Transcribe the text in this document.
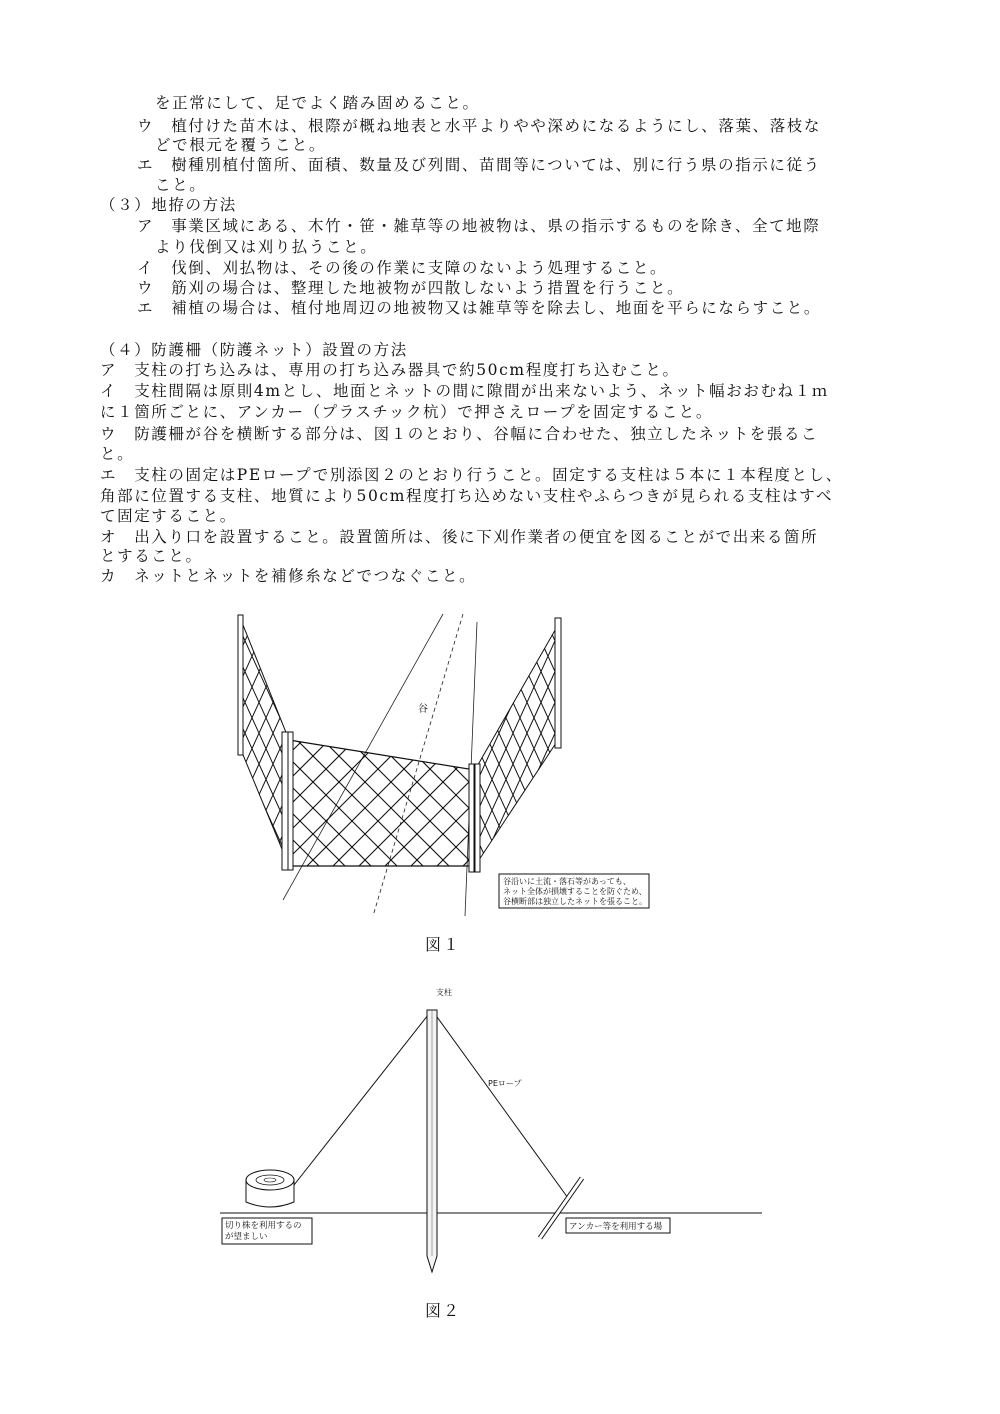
を正常にして、足でよく踏み固めること。
ウ　植付けた苗木は、根際が概ね地表と水平よりやや深めになるようにし、落葉、落枝な
どで根元を覆うこと。
エ　樹種別植付箇所、面積、数量及び列間、苗間等については、別に行う県の指示に従う
こと。
（３）地拵の方法
ア　事業区域にある、木竹・笹・雑草等の地被物は、県の指示するものを除き、全て地際
より伐倒又は刈り払うこと。
イ　伐倒、刈払物は、その後の作業に支障のないよう処理すること。
ウ　筋刈の場合は、整理した地被物が四散しないよう措置を行うこと。
エ　補植の場合は、植付地周辺の地被物又は雑草等を除去し、地面を平らにならすこと。
（４）防護柵（防護ネット）設置の方法
ア　支柱の打ち込みは、専用の打ち込み器具で約50cm程度打ち込むこと。
イ　支柱間隔は原則4mとし、地面とネットの間に隙間が出来ないよう、ネット幅おおむね１ｍ
に１箇所ごとに、アンカー（プラスチック杭）で押さえロープを固定すること。
ウ　防護柵が谷を横断する部分は、図１のとおり、谷幅に合わせた、独立したネットを張るこ
と。
エ　支柱の固定はPEロープで別添図２のとおり行うこと。固定する支柱は５本に１本程度とし、
角部に位置する支柱、地質により50cm程度打ち込めない支柱やふらつきが見られる支柱はすべ
て固定すること。
オ　出入り口を設置すること。設置箇所は、後に下刈作業者の便宜を図ることがで出来る箇所
とすること。
カ　ネットとネットを補修糸などでつなぐこと。
谷
谷沿いに土流・落石等があっても、
ネット全体が損壊することを防ぐため、
谷横断部は独立したネットを張ること。
図１
支柱
PEロープ
切り株を利用するの
が望ましい
アンカー等を利用する場
図２
